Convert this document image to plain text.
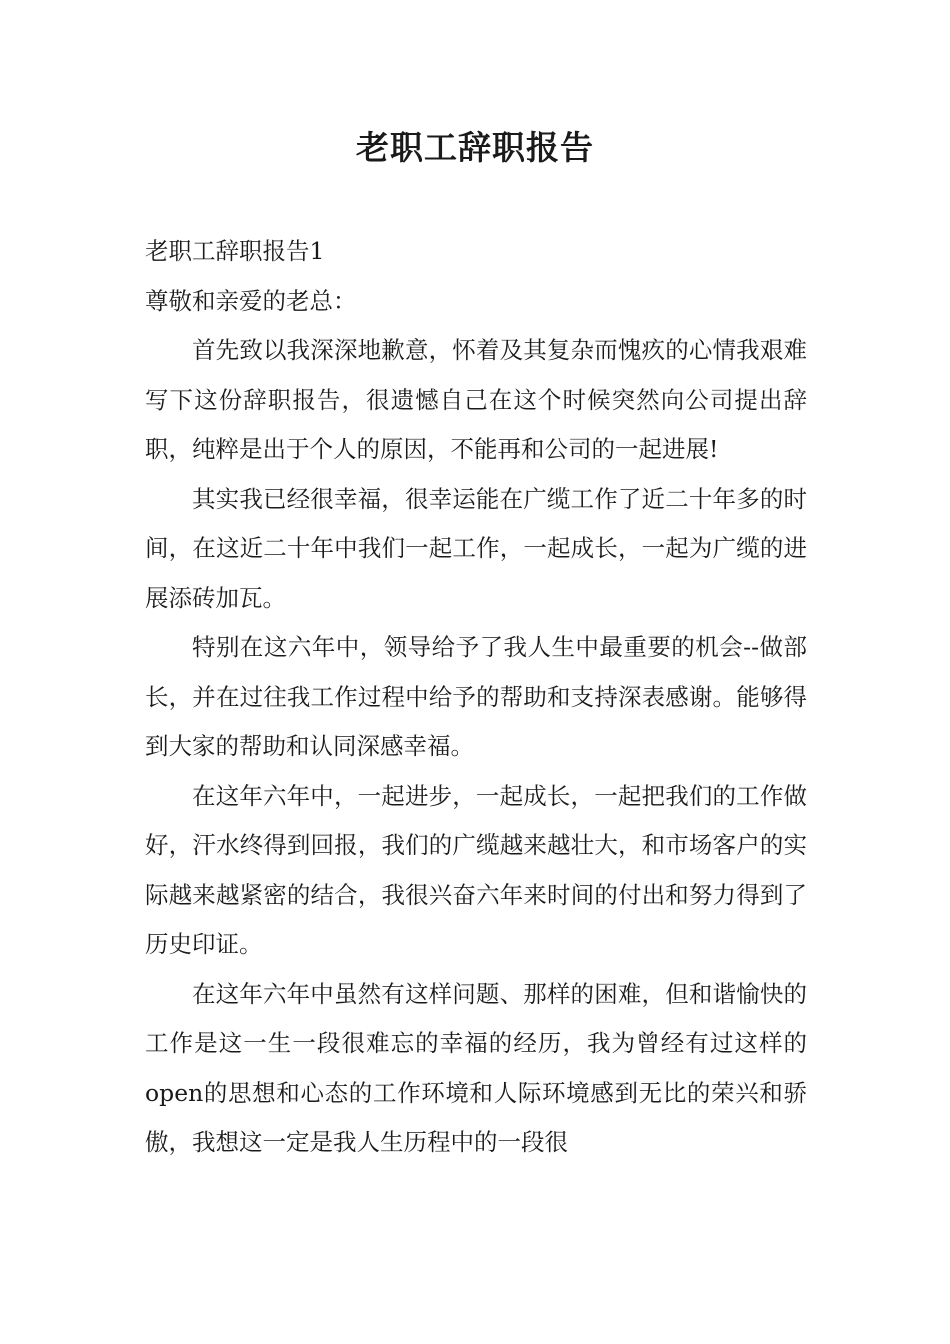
老职工辞职报告

老职工辞职报告1

尊敬和亲爱的老总：

首先致以我深深地歉意，怀着及其复杂而愧疚的心情我艰难写下这份辞职报告，很遗憾自己在这个时候突然向公司提出辞职，纯粹是出于个人的原因，不能再和公司的一起进展!

其实我已经很幸福，很幸运能在广缆工作了近二十年多的时间，在这近二十年中我们一起工作，一起成长，一起为广缆的进展添砖加瓦。

特别在这六年中，领导给予了我人生中最重要的机会--做部长，并在过往我工作过程中给予的帮助和支持深表感谢。能够得到大家的帮助和认同深感幸福。

在这年六年中，一起进步，一起成长，一起把我们的工作做好，汗水终得到回报，我们的广缆越来越壮大，和市场客户的实际越来越紧密的结合，我很兴奋六年来时间的付出和努力得到了历史印证。

在这年六年中虽然有这样问题、那样的困难，但和谐愉快的工作是这一生一段很难忘的幸福的经历，我为曾经有过这样的open的思想和心态的工作环境和人际环境感到无比的荣兴和骄傲，我想这一定是我人生历程中的一段很
